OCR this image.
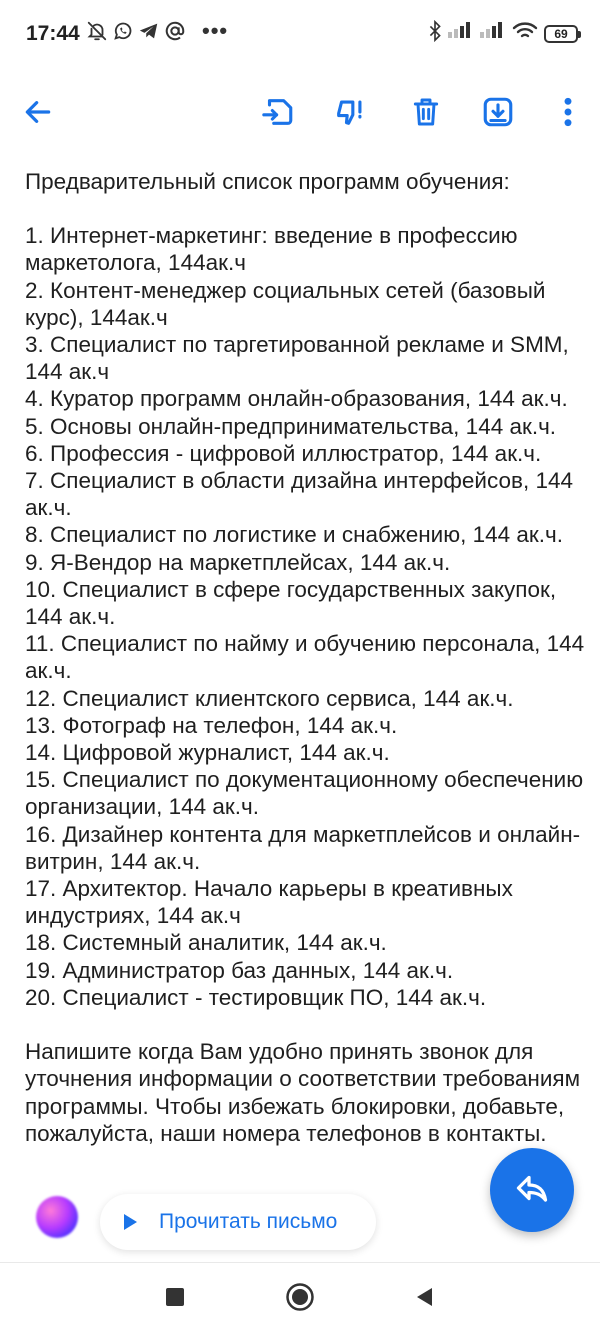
17:44	•••	69

Предварительный список программ обучения:

1. Интернет-маркетинг: введение в профессию маркетолога, 144ак.ч
2. Контент-менеджер социальных сетей (базовый курс), 144ак.ч
3. Специалист по таргетированной рекламе и SMM, 144 ак.ч
4. Куратор программ онлайн-образования, 144 ак.ч.
5. Основы онлайн-предпринимательства, 144 ак.ч.
6. Профессия - цифровой иллюстратор, 144 ак.ч.
7. Специалист в области дизайна интерфейсов, 144 ак.ч.
8. Специалист по логистике и снабжению, 144 ак.ч.
9. Я-Вендор на маркетплейсах, 144 ак.ч.
10. Специалист в сфере государственных закупок, 144 ак.ч.
11. Специалист по найму и обучению персонала, 144 ак.ч.
12. Специалист клиентского сервиса, 144 ак.ч.
13. Фотограф на телефон, 144 ак.ч.
14. Цифровой журналист, 144 ак.ч.
15. Специалист по документационному обеспечению организации, 144 ак.ч.
16. Дизайнер контента для маркетплейсов и онлайн-витрин, 144 ак.ч.
17. Архитектор. Начало карьеры в креативных индустриях, 144 ак.ч
18. Системный аналитик, 144 ак.ч.
19. Администратор баз данных, 144 ак.ч.
20. Специалист - тестировщик ПО, 144 ак.ч.

Напишите когда Вам удобно принять звонок для уточнения информации о соответствии требованиям программы. Чтобы избежать блокировки, добавьте, пожалуйста, наши номера телефонов в контакты.

Прочитать письмо
